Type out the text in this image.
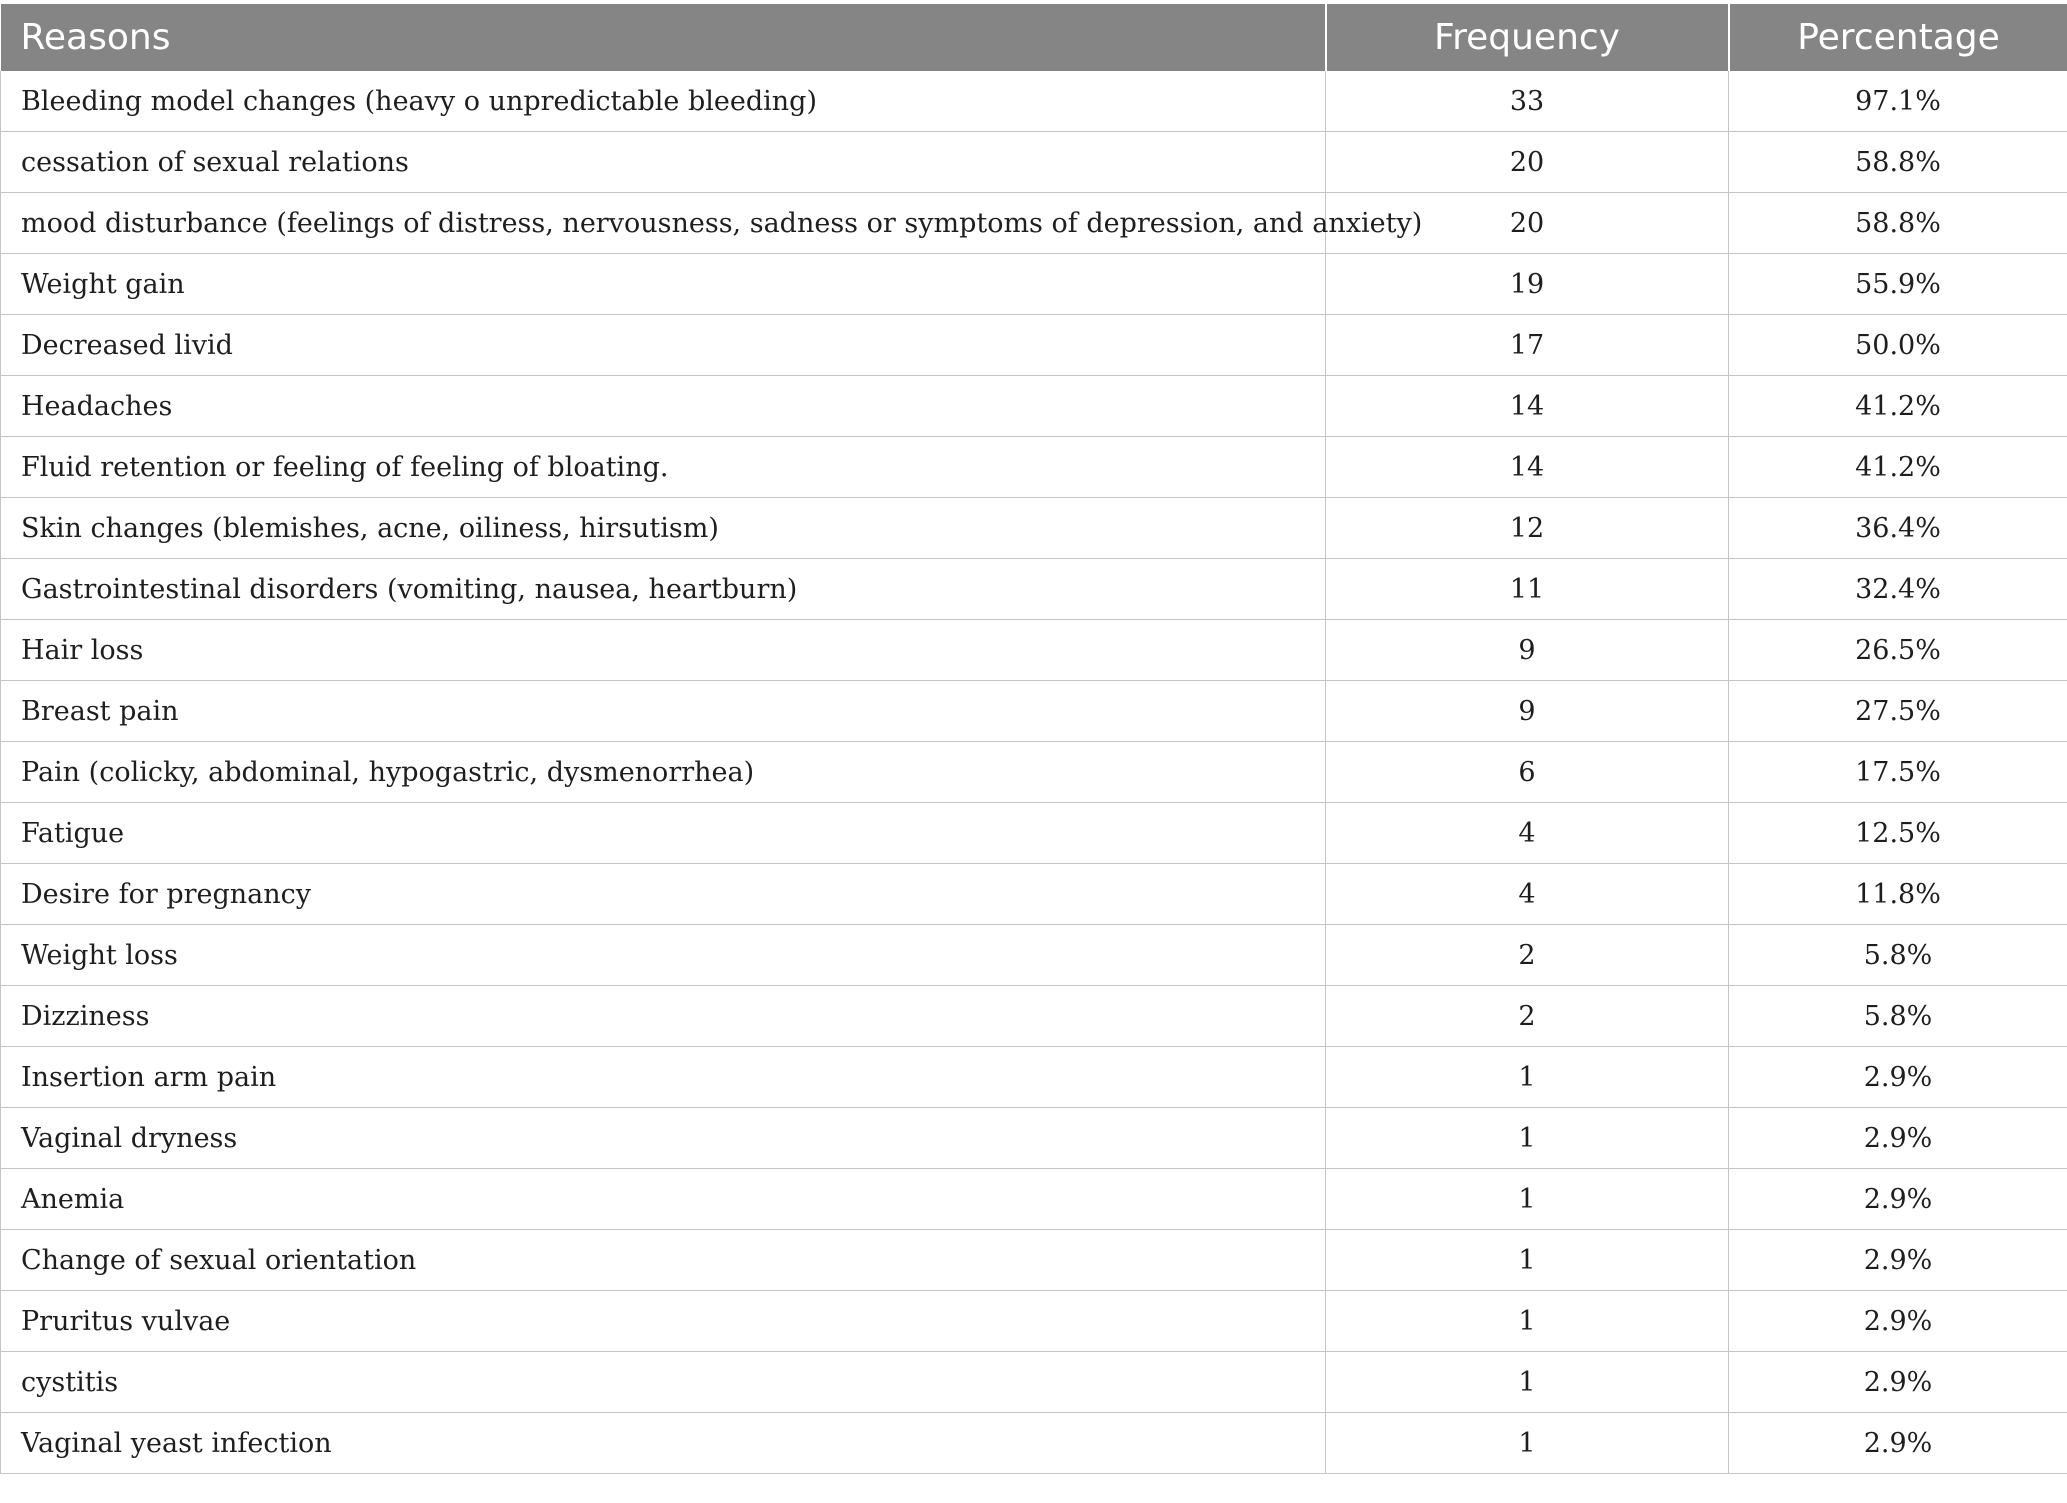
Reasons	Frequency	Percentage
Bleeding model changes (heavy o unpredictable bleeding)	33	97.1%
cessation of sexual relations	20	58.8%
mood disturbance (feelings of distress, nervousness, sadness or symptoms of depression, and anxiety)	20	58.8%
Weight gain	19	55.9%
Decreased livid	17	50.0%
Headaches	14	41.2%
Fluid retention or feeling of feeling of bloating.	14	41.2%
Skin changes (blemishes, acne, oiliness, hirsutism)	12	36.4%
Gastrointestinal disorders (vomiting, nausea, heartburn)	11	32.4%
Hair loss	9	26.5%
Breast pain	9	27.5%
Pain (colicky, abdominal, hypogastric, dysmenorrhea)	6	17.5%
Fatigue	4	12.5%
Desire for pregnancy	4	11.8%
Weight loss	2	5.8%
Dizziness	2	5.8%
Insertion arm pain	1	2.9%
Vaginal dryness	1	2.9%
Anemia	1	2.9%
Change of sexual orientation	1	2.9%
Pruritus vulvae	1	2.9%
cystitis	1	2.9%
Vaginal yeast infection	1	2.9%
